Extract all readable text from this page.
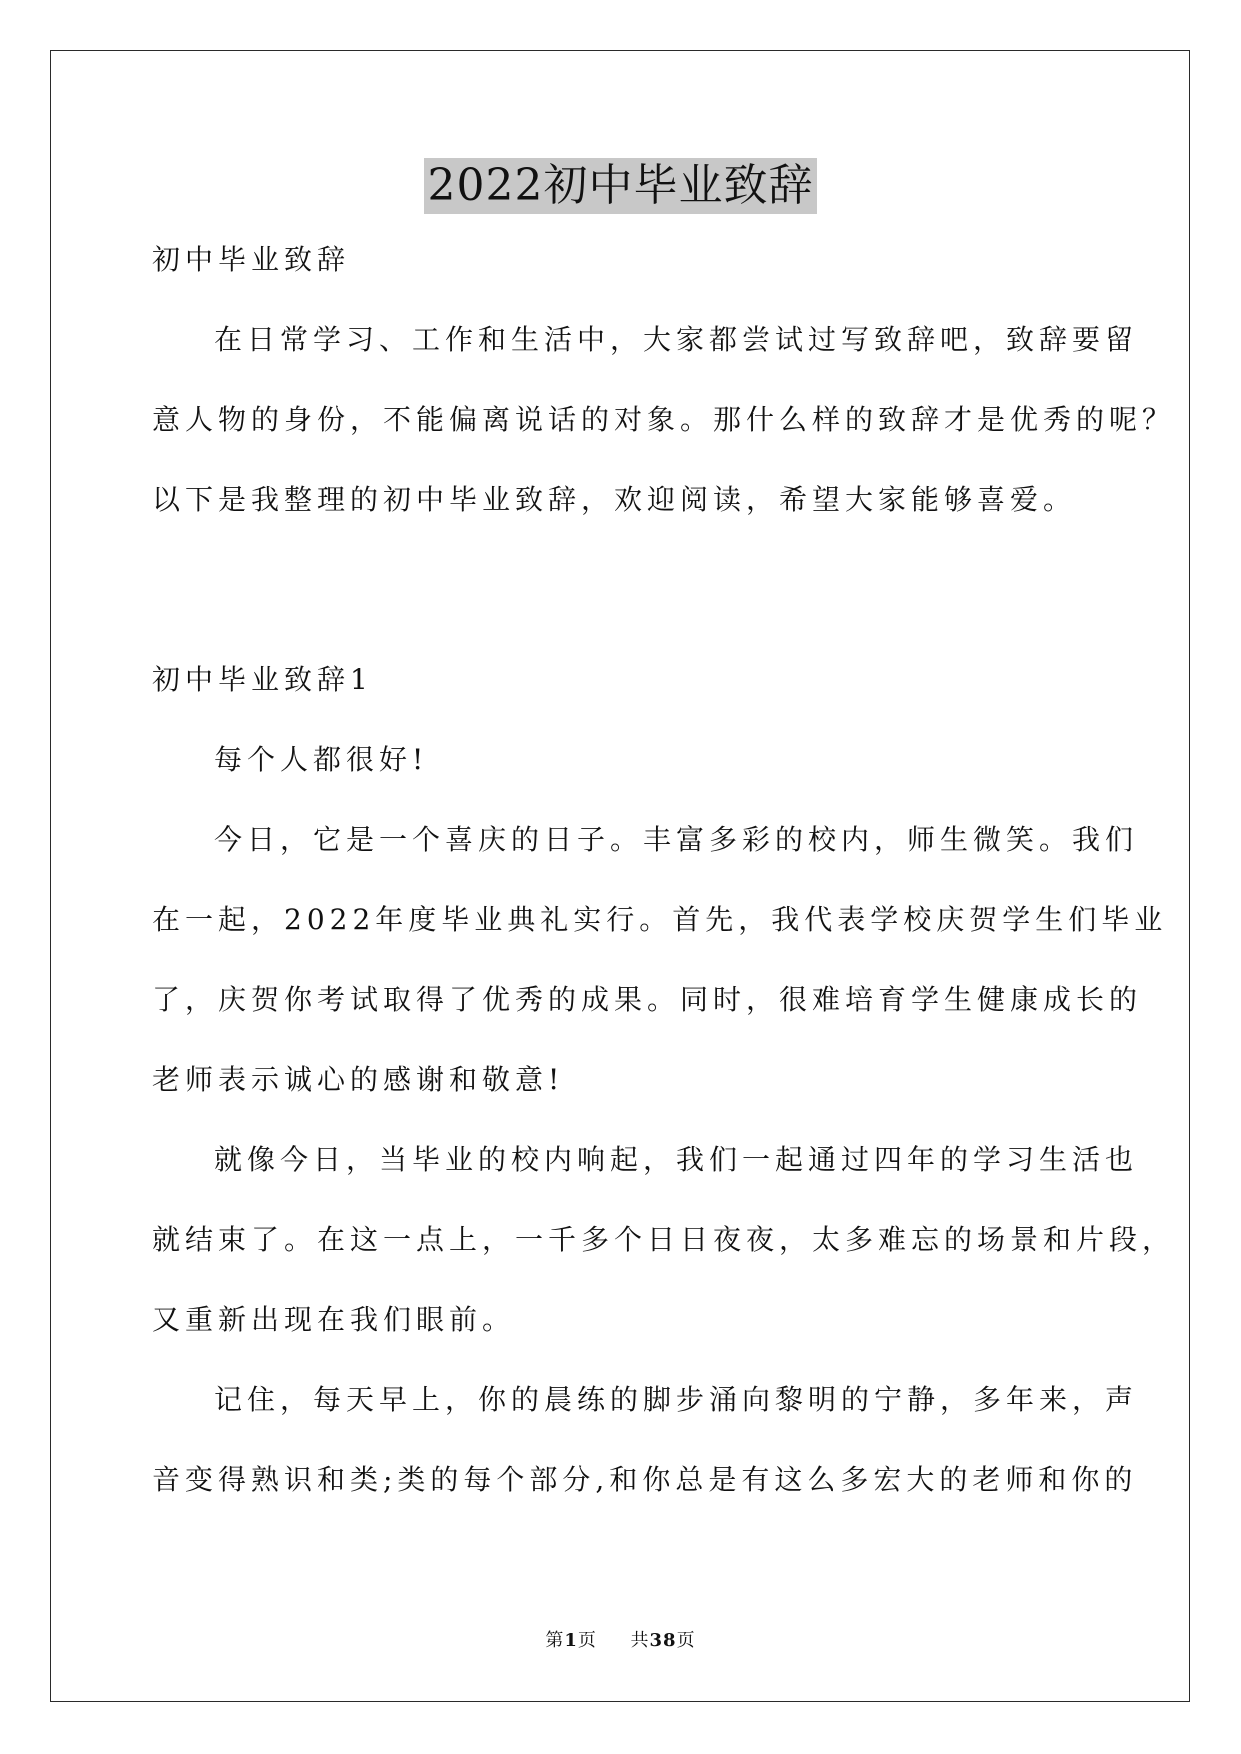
2022初中毕业致辞
初中毕业致辞
在日常学习、工作和生活中，大家都尝试过写致辞吧，致辞要留
意人物的身份，不能偏离说话的对象。那什么样的致辞才是优秀的呢？
以下是我整理的初中毕业致辞，欢迎阅读，希望大家能够喜爱。
初中毕业致辞1
每个人都很好!
今日，它是一个喜庆的日子。丰富多彩的校内，师生微笑。我们
在一起，2022年度毕业典礼实行。首先，我代表学校庆贺学生们毕业
了，庆贺你考试取得了优秀的成果。同时，很难培育学生健康成长的
老师表示诚心的感谢和敬意!
就像今日，当毕业的校内响起，我们一起通过四年的学习生活也
就结束了。在这一点上，一千多个日日夜夜，太多难忘的场景和片段，
又重新出现在我们眼前。
记住，每天早上，你的晨练的脚步涌向黎明的宁静，多年来，声
音变得熟识和类;类的每个部分,和你总是有这么多宏大的老师和你的
第1页 共38页
